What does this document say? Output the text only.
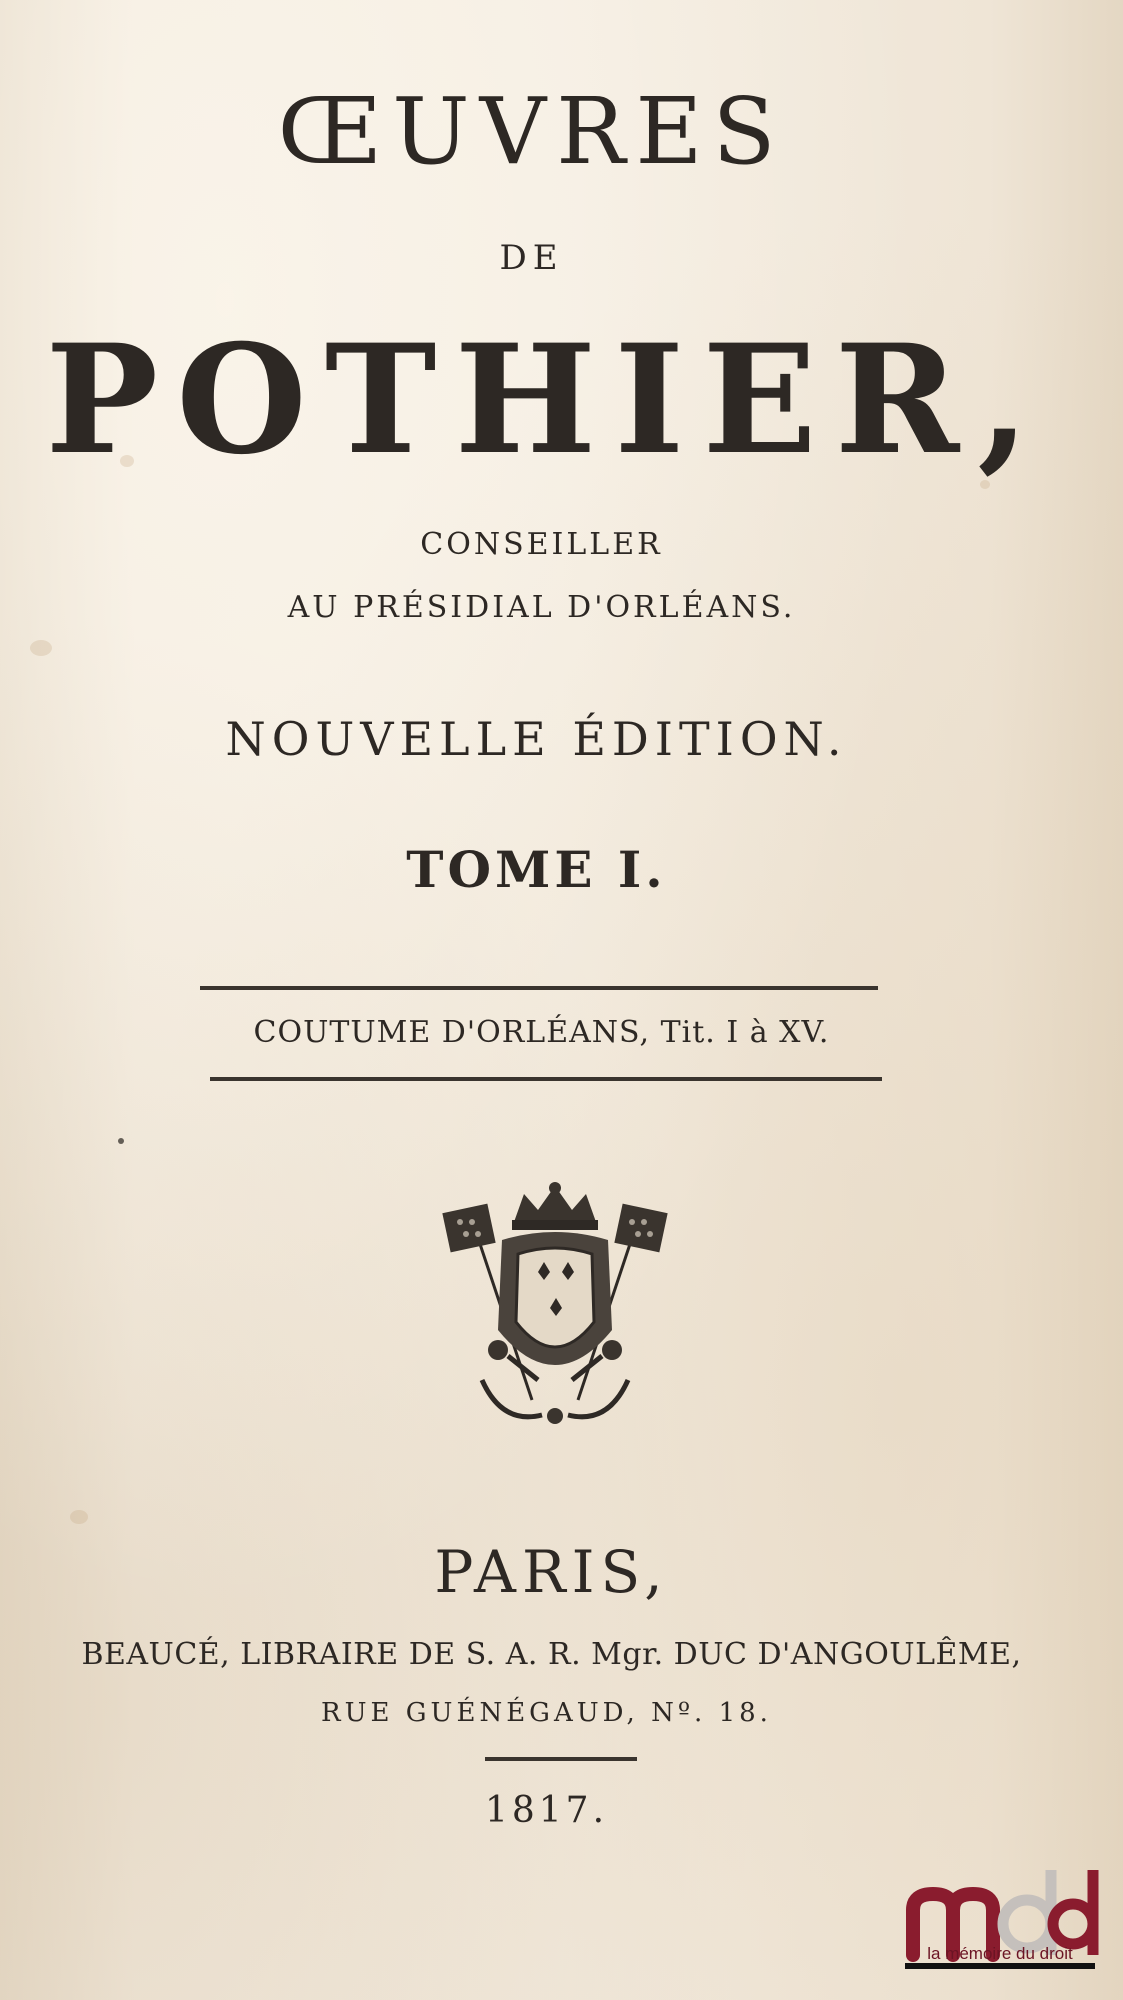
ŒUVRES
DE
POTHIER,
CONSEILLER
AU PRÉSIDIAL D'ORLÉANS.
NOUVELLE ÉDITION.
TOME I.
COUTUME D'ORLÉANS, Tit. I à XV.
PARIS,
BEAUCÉ, LIBRAIRE DE S. A. R. Mgr. DUC D'ANGOULÊME,
RUE GUÉNÉGAUD, Nº. 18.
1817.
la mémoire du droit
